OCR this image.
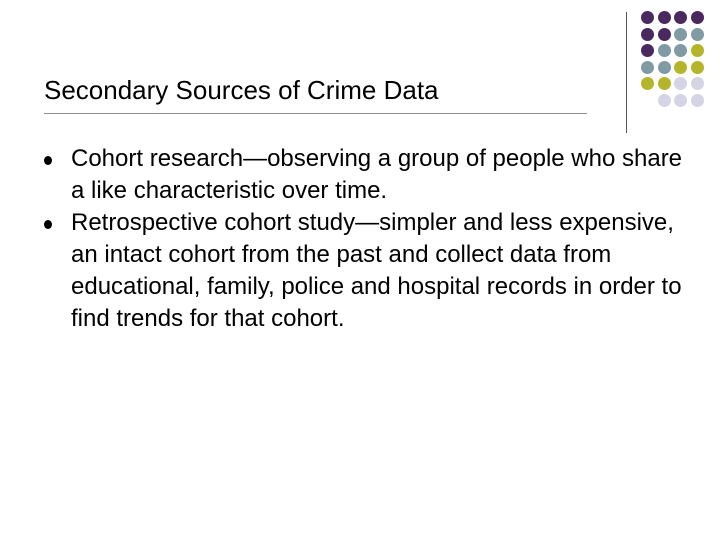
Secondary Sources of Crime Data
Cohort research—observing a group of people who share a like characteristic over time.
Retrospective cohort study—simpler and less expensive, an intact cohort from the past and collect data from educational, family, police and hospital records in order to find trends for that cohort.
